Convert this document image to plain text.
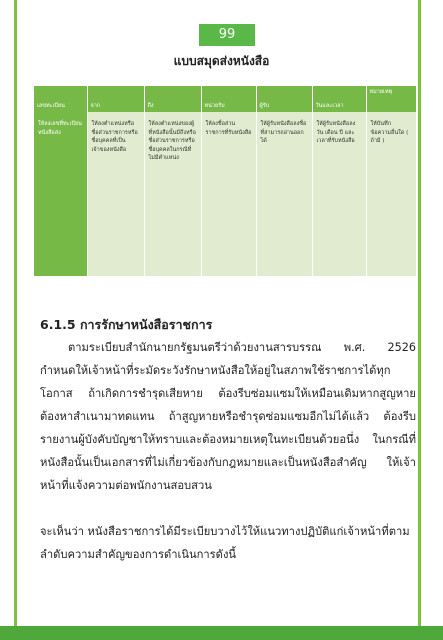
99
แบบสมุดส่งหนังสือ
เลขทะเบียน	จาก	ถึง	หน่วยรับ	ผู้รับ	วันและเวลา	หมายเหตุ
ให้ลงเลขที่ทะเบียนหนังสือส่ง	ให้ลงตำแหน่งหรือชื่อส่วนราชการหรือชื่อบุคคลที่เป็นเจ้าของหนังสือ	ให้ลงตำแหน่งของผู้ที่หนังสือนั้นมีถึงหรือชื่อส่วนราชการหรือชื่อบุคคลในกรณีที่ไม่มีตำแหน่ง	ให้ลงชื่อส่วนราชการที่รับหนังสือ	ให้ผู้รับหนังสือลงชื่อที่สามารถอ่านออกได้	ให้ผู้รับหนังสือลงวัน เดือน ปี และเวลาที่รับหนังสือ	ให้บันทึกข้อความอื่นใด ( ถ้ามี )
6.1.5 การรักษาหนังสือราชการ
ตามระเบียบสำนักนายกรัฐมนตรีว่าด้วยงานสารบรรณ พ.ศ. 2526 กำหนดให้เจ้าหน้าที่ระมัดระวังรักษาหนังสือให้อยู่ในสภาพใช้ราชการได้ทุกโอกาส ถ้าเกิดการชำรุดเสียหาย ต้องรีบซ่อมแซมให้เหมือนเดิมหากสูญหายต้องหาสำเนามาทดแทน ถ้าสูญหายหรือชำรุดซ่อมแซมอีกไม่ได้แล้ว ต้องรีบรายงานผู้บังคับบัญชาให้ทราบและต้องหมายเหตุในทะเบียนด้วยอนึ่ง ในกรณีที่หนังสือนั้นเป็นเอกสารที่ไม่เกี่ยวข้องกับกฎหมายและเป็นหนังสือสำคัญ ให้เจ้าหน้าที่แจ้งความต่อพนักงานสอบสวน
จะเห็นว่า หนังสือราชการได้มีระเบียบวางไว้ให้แนวทางปฏิบัติแก่เจ้าหน้าที่ตามลำดับความสำคัญของการดำเนินการดังนี้
